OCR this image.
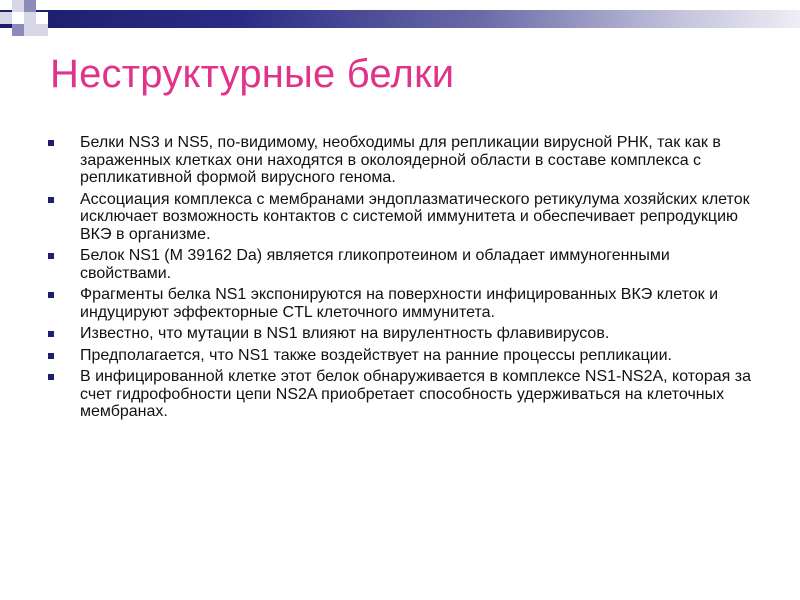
Неструктурные белки
Белки NS3 и NS5, по-видимому, необходимы для репликации вирусной РНК, так как в зараженных клетках они находятся в околоядерной области в составе комплекса с репликативной формой вирусного генома.
Ассоциация комплекса с мембранами эндоплазматического ретикулума хозяйских клеток исключает возможность контактов с системой иммунитета и обеспечивает репродукцию ВКЭ в организме.
Белок NS1 (М 39162 Da) является гликопротеином и обладает иммуногенными свойствами.
Фрагменты белка NS1 экспонируются на поверхности инфицированных ВКЭ клеток и индуцируют эффекторные CTL клеточного иммунитета.
Известно, что мутации в NS1 влияют на вирулентность флавивирусов.
Предполагается, что NS1 также воздействует на ранние процессы репликации.
В инфицированной клетке этот белок обнаруживается в комплексе NS1-NS2A, которая за счет гидрофобности цепи NS2A приобретает способность удерживаться на клеточных мембранах.
